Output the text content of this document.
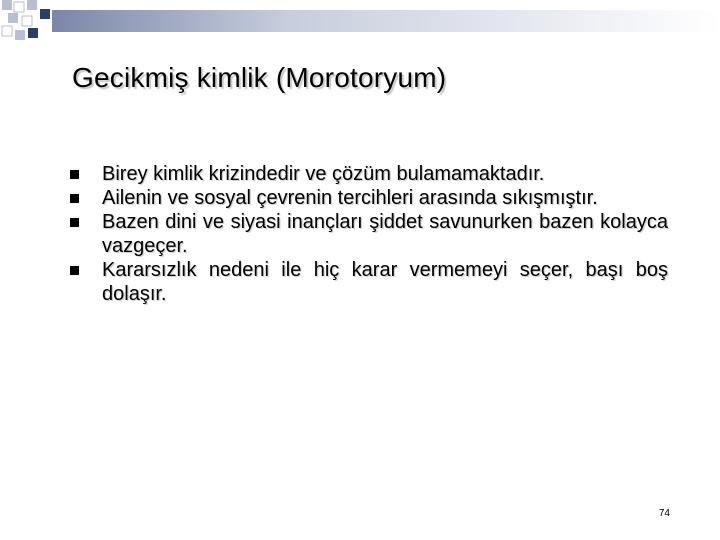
Gecikmiş kimlik (Morotoryum)
Birey kimlik krizindedir ve çözüm bulamamaktadır.
Ailenin ve sosyal çevrenin tercihleri arasında sıkışmıştır.
Bazen dini ve siyasi inançları şiddet savunurken bazen kolayca vazgeçer.
Kararsızlık nedeni ile hiç karar vermemeyi seçer, başı boş dolaşır.
74
